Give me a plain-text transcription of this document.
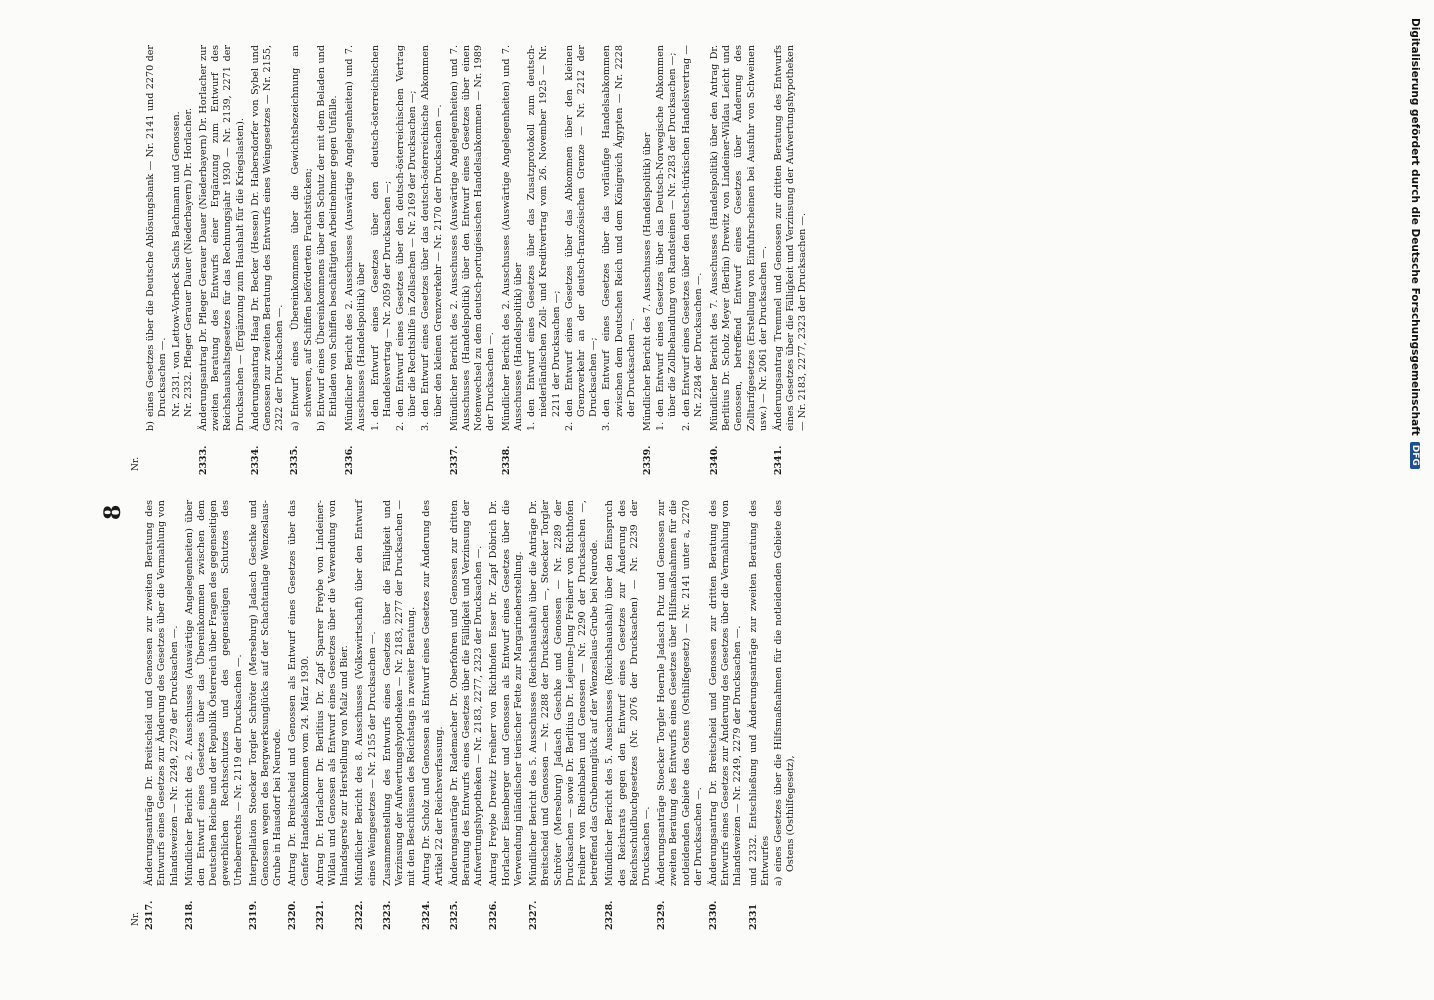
8
Nr. 2317.
Änderungsanträge Dr. Breitscheid und Genossen zur zweiten Beratung des Entwurfs eines Gesetzes zur Änderung des Gesetzes über die Vermahlung von Inlandsweizen — Nr. 2249, 2279 der Drucksachen —.
2318.
Mündlicher Bericht des 2. Ausschusses (Auswärtige Angelegenheiten) über den Entwurf eines Gesetzes über das Übereinkommen zwischen dem Deutschen Reiche und der Republik Österreich über Fragen des gegenseitigen gewerblichen Rechtsschutzes und des gegenseitigen Schutzes des Urheberrechts — Nr. 2119 der Drucksachen —.
2319.
Interpellation Stoecker Torgler Schröter (Merseburg) Jadasch Geschke und Genossen wegen des Bergwerksunglücks auf der Schachtanlage Wenzeslaus-Grube in Hausdorf bei Neurode.
2320.
Antrag Dr. Breitscheid und Genossen als Entwurf eines Gesetzes über das Genfer Handelsabkommen vom 24. März 1930.
2321.
Antrag Dr. Horlacher Dr. Berlitius Dr. Zapf Sparrer Freybe von Lindeiner-Wildau und Genossen als Entwurf eines Gesetzes über die Verwendung von Inlandsgerste zur Herstellung von Malz und Bier.
2322.
Mündlicher Bericht des 8. Ausschusses (Volkswirtschaft) über den Entwurf eines Weingesetzes — Nr. 2155 der Drucksachen —.
2323.
Zusammenstellung des Entwurfs eines Gesetzes über die Fälligkeit und Verzinsung der Aufwertungshypotheken — Nr. 2183, 2277 der Drucksachen — mit den Beschlüssen des Reichstags in zweiter Beratung.
2324.
Antrag Dr. Scholz und Genossen als Entwurf eines Gesetzes zur Änderung des Artikel 22 der Reichsverfassung.
2325.
Änderungsanträge Dr. Rademacher Dr. Oberfohren und Genossen zur dritten Beratung des Entwurfs eines Gesetzes über die Fälligkeit und Verzinsung der Aufwertungshypotheken — Nr. 2183, 2277, 2323 der Drucksachen —.
2326.
Antrag Freybe Drewitz Freiherr von Richthofen Esser Dr. Zapf Döbrich Dr. Horlacher Eisenberger und Genossen als Entwurf eines Gesetzes über die Verwendung inländischer tierischer Fette zur Margarineherstellung.
2327.
Mündlicher Bericht des 5. Ausschusses (Reichshaushalt) über die Anträge Dr. Breitscheid und Genossen — Nr. 2288 der Drucksachen —, Stoecker Torgler Schröter (Merseburg) Jadasch Geschke und Genossen — Nr. 2289 der Drucksachen — sowie Dr. Berlitius Dr. Lejeune-Jung Freiherr von Richthofen Freiherr von Rheinbaben und Genossen — Nr. 2290 der Drucksachen —, betreffend das Grubenunglück auf der Wenzeslaus-Grube bei Neurode.
2328.
Mündlicher Bericht des 5. Ausschusses (Reichshaushalt) über den Einspruch des Reichsrats gegen den Entwurf eines Gesetzes zur Änderung des Reichsschuldbuchgesetzes (Nr. 2076 der Drucksachen) — Nr. 2239 der Drucksachen —.
2329.
Änderungsanträge Stoecker Torgler Hoernle Jadasch Putz und Genossen zur zweiten Beratung des Entwurfs eines Gesetzes über Hilfsmaßnahmen für die notleidenden Gebiete des Ostens (Osthilfegesetz) — Nr. 2141 unter a, 2270 der Drucksachen —.
2330.
Änderungsantrag Dr. Breitscheid und Genossen zur dritten Beratung des Entwurfs eines Gesetzes zur Änderung des Gesetzes über die Vermahlung von Inlandsweizen — Nr. 2249, 2279 der Drucksachen —.
2331
und 2332. Entschließung und Änderungsanträge zur zweiten Beratung des Entwurfes a)
eines Gesetzes über die Hilfsmaßnahmen für die notleidenden Gebiete des Ostens (Osthilfegesetz),
Nr.
b)
eines Gesetzes über die Deutsche Ablösungsbank — Nr. 2141 und 2270 der Drucksachen —. Nr. 2331. von Lettow-Vorbeck Sachs Bachmann und Genossen. Nr. 2332. Pfleger Gerauer Dauer (Niederbayern) Dr. Horlacher.
2333.
Änderungsantrag Dr. Pfleger Gerauer Dauer (Niederbayern) Dr. Horlacher zur zweiten Beratung des Entwurfs einer Ergänzung zum Entwurf des Reichshaushaltsgesetzes für das Rechnungsjahr 1930 — Nr. 2139, 2271 der Drucksachen — (Ergänzung zum Haushalt für die Kriegslasten).
2334.
Änderungsantrag Haag Dr. Becker (Hessen) Dr. Habersdorfer von Sybel und Genossen zur zweiten Beratung des Entwurfs eines Weingesetzes — Nr. 2155, 2322 der Drucksachen —.
2335.
a)
Entwurf eines Übereinkommens über die Gewichtsbezeichnung an schweren, auf Schiffen beförderten Frachtstücken;
b)
Entwurf eines Übereinkommens über den Schutz der mit dem Beladen und Entladen von Schiffen beschäftigten Arbeitnehmer gegen Unfälle.
2336.
Mündlicher Bericht des 2. Ausschusses (Auswärtige Angelegenheiten) und 7. Ausschusses (Handelspolitik) über 1.
den Entwurf eines Gesetzes über den deutsch-österreichischen Handelsvertrag — Nr. 2059 der Drucksachen —;
2.
den Entwurf eines Gesetzes über den deutsch-österreichischen Vertrag über die Rechtshilfe in Zollsachen — Nr. 2169 der Drucksachen —;
3.
den Entwurf eines Gesetzes über das deutsch-österreichische Abkommen über den kleinen Grenzverkehr — Nr. 2170 der Drucksachen —.
2337.
Mündlicher Bericht des 2. Ausschusses (Auswärtige Angelegenheiten) und 7. Ausschusses (Handelspolitik) über den Entwurf eines Gesetzes über einen Notenwechsel zu dem deutsch-portugiesischen Handelsabkommen — Nr. 1989 der Drucksachen —.
2338.
Mündlicher Bericht des 2. Ausschusses (Auswärtige Angelegenheiten) und 7. Ausschusses (Handelspolitik) über 1.
den Entwurf eines Gesetzes über das Zusatzprotokoll zum deutsch-niederländischen Zoll- und Kreditvertrag vom 26. November 1925 — Nr. 2211 der Drucksachen —;
2.
den Entwurf eines Gesetzes über das Abkommen über den kleinen Grenzverkehr an der deutsch-französischen Grenze — Nr. 2212 der Drucksachen —;
3.
den Entwurf eines Gesetzes über das vorläufige Handelsabkommen zwischen dem Deutschen Reich und dem Königreich Ägypten — Nr. 2228 der Drucksachen —.
2339.
Mündlicher Bericht des 7. Ausschusses (Handelspolitik) über 1.
den Entwurf eines Gesetzes über das Deutsch-Norwegische Abkommen über die Zollbehandlung von Randsteinen — Nr. 2283 der Drucksachen —;
2.
den Entwurf eines Gesetzes über den deutsch-türkischen Handelsvertrag — Nr. 2284 der Drucksachen —.
2340.
Mündlicher Bericht des 7. Ausschusses (Handelspolitik) über den Antrag Dr. Berlitius Dr. Scholz Meyer (Berlin) Drewitz von Lindeiner-Wildau Leicht und Genossen, betreffend Entwurf eines Gesetzes über Änderung des Zolltarifgesetzes (Erstellung von Einfuhrscheinen bei Ausfuhr von Schweinen usw.) — Nr. 2061 der Drucksachen —.
2341.
Änderungsantrag Tremmel und Genossen zur dritten Beratung des Entwurfs eines Gesetzes über die Fälligkeit und Verzinsung der Aufwertungshypotheken — Nr. 2183, 2277, 2323 der Drucksachen —.	Digitalisierung gefördert durch die Deutsche Forschungsgemeinschaft
DFG
